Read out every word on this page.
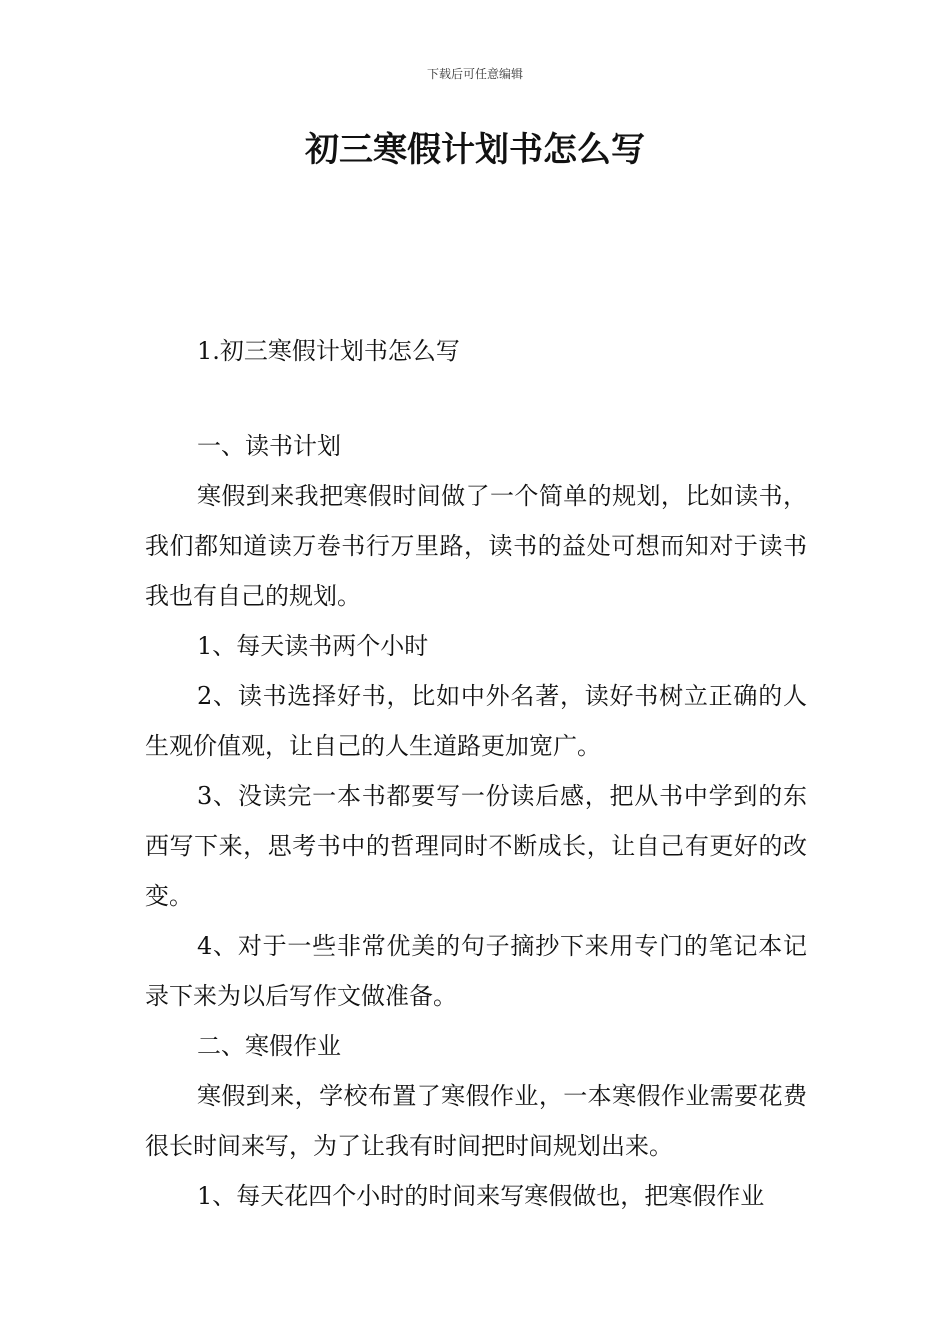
下载后可任意编辑
初三寒假计划书怎么写

1.初三寒假计划书怎么写

一、读书计划

寒假到来我把寒假时间做了一个简单的规划，比如读书，我们都知道读万卷书行万里路，读书的益处可想而知对于读书我也有自己的规划。

1、每天读书两个小时

2、读书选择好书，比如中外名著，读好书树立正确的人生观价值观，让自己的人生道路更加宽广。

3、没读完一本书都要写一份读后感，把从书中学到的东西写下来，思考书中的哲理同时不断成长，让自己有更好的改变。

4、对于一些非常优美的句子摘抄下来用专门的笔记本记录下来为以后写作文做准备。

二、寒假作业

寒假到来，学校布置了寒假作业，一本寒假作业需要花费很长时间来写，为了让我有时间把时间规划出来。

1、每天花四个小时的时间来写寒假做也，把寒假作业
